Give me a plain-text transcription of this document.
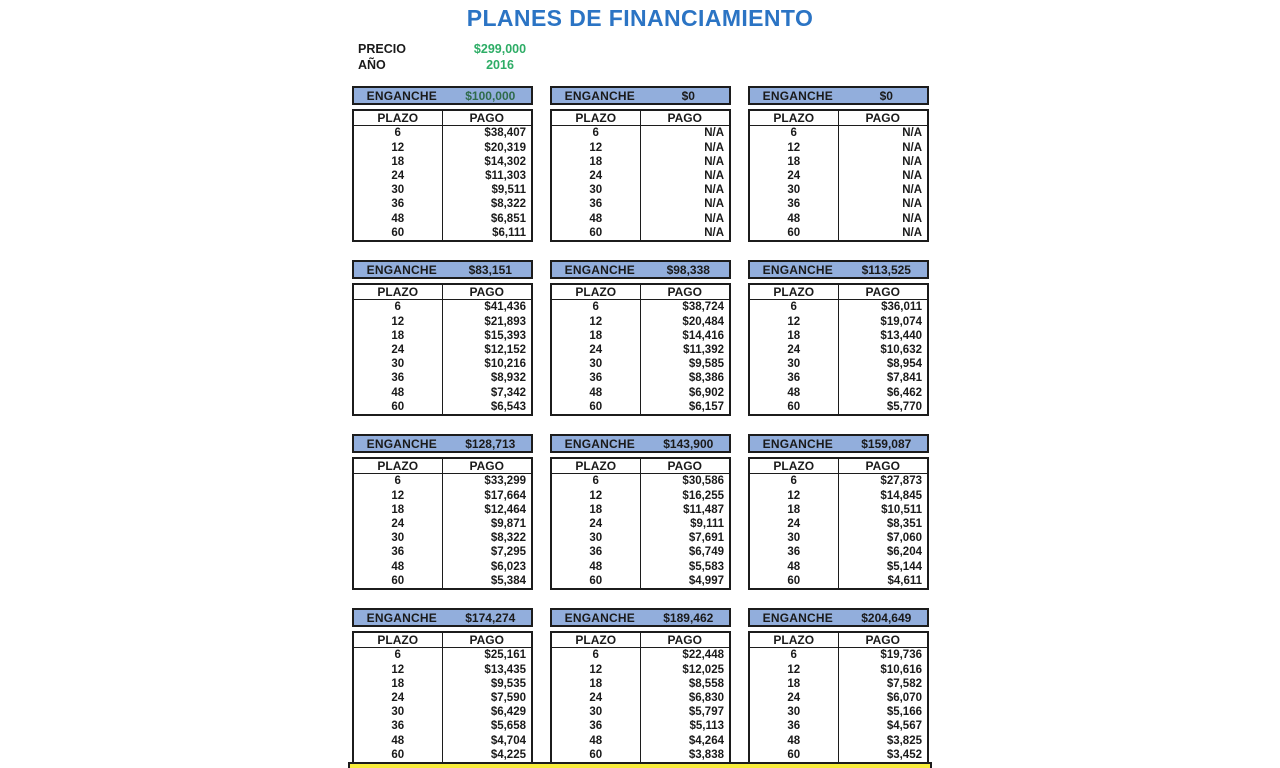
PLANES DE FINANCIAMIENTO
PRECIO	$299,000
AÑO	2016
ENGANCHE	$100,000
PLAZO	PAGO
6	$38,407
12	$20,319
18	$14,302
24	$11,303
30	$9,511
36	$8,322
48	$6,851
60	$6,111
ENGANCHE	$0
PLAZO	PAGO
6	N/A
12	N/A
18	N/A
24	N/A
30	N/A
36	N/A
48	N/A
60	N/A
ENGANCHE	$0
PLAZO	PAGO
6	N/A
12	N/A
18	N/A
24	N/A
30	N/A
36	N/A
48	N/A
60	N/A
ENGANCHE	$83,151
PLAZO	PAGO
6	$41,436
12	$21,893
18	$15,393
24	$12,152
30	$10,216
36	$8,932
48	$7,342
60	$6,543
ENGANCHE	$98,338
PLAZO	PAGO
6	$38,724
12	$20,484
18	$14,416
24	$11,392
30	$9,585
36	$8,386
48	$6,902
60	$6,157
ENGANCHE	$113,525
PLAZO	PAGO
6	$36,011
12	$19,074
18	$13,440
24	$10,632
30	$8,954
36	$7,841
48	$6,462
60	$5,770
ENGANCHE	$128,713
PLAZO	PAGO
6	$33,299
12	$17,664
18	$12,464
24	$9,871
30	$8,322
36	$7,295
48	$6,023
60	$5,384
ENGANCHE	$143,900
PLAZO	PAGO
6	$30,586
12	$16,255
18	$11,487
24	$9,111
30	$7,691
36	$6,749
48	$5,583
60	$4,997
ENGANCHE	$159,087
PLAZO	PAGO
6	$27,873
12	$14,845
18	$10,511
24	$8,351
30	$7,060
36	$6,204
48	$5,144
60	$4,611
ENGANCHE	$174,274
PLAZO	PAGO
6	$25,161
12	$13,435
18	$9,535
24	$7,590
30	$6,429
36	$5,658
48	$4,704
60	$4,225
ENGANCHE	$189,462
PLAZO	PAGO
6	$22,448
12	$12,025
18	$8,558
24	$6,830
30	$5,797
36	$5,113
48	$4,264
60	$3,838
ENGANCHE	$204,649
PLAZO	PAGO
6	$19,736
12	$10,616
18	$7,582
24	$6,070
30	$5,166
36	$4,567
48	$3,825
60	$3,452
